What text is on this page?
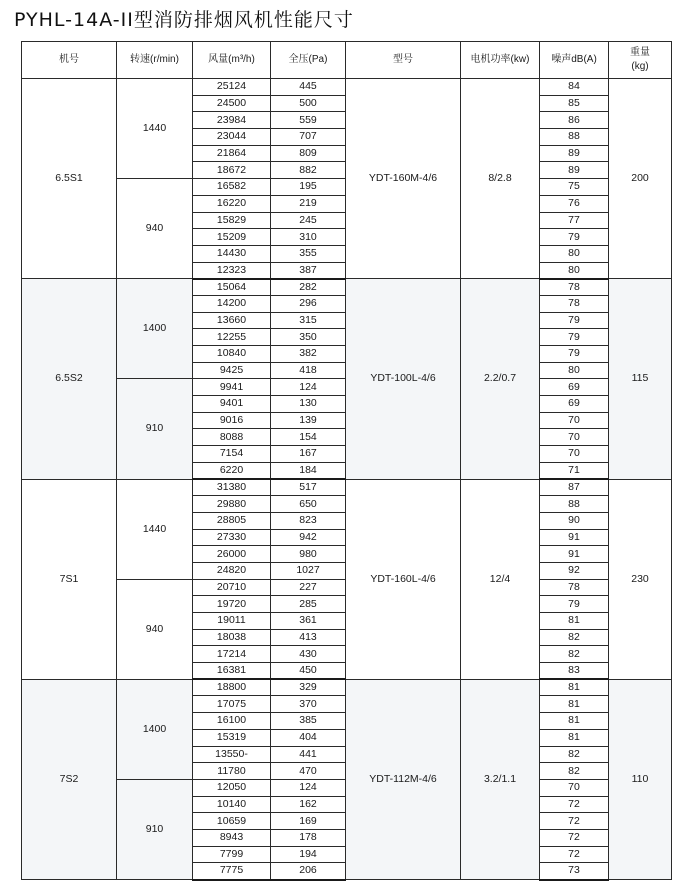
PYHL-14A-II型消防排烟风机性能尺寸
机号	转速(r/min)	风量(m³/h)	全压(Pa)	型号	电机功率(kw)	噪声dB(A)	重量
(kg)
6.5S1	1440	25124	445	YDT-160M-4/6	8/2.8	84	200
		24500	500			85	
		23984	559			86	
		23044	707			88	
		21864	809			89	
		18672	882			89	
	940	16582	195			75	
		16220	219			76	
		15829	245			77	
		15209	310			79	
		14430	355			80	
		12323	387			80	
6.5S2	1400	15064	282	YDT-100L-4/6	2.2/0.7	78	115
		14200	296			78	
		13660	315			79	
		12255	350			79	
		10840	382			79	
		9425	418			80	
	910	9941	124			69	
		9401	130			69	
		9016	139			70	
		8088	154			70	
		7154	167			70	
		6220	184			71	
7S1	1440	31380	517	YDT-160L-4/6	12/4	87	230
		29880	650			88	
		28805	823			90	
		27330	942			91	
		26000	980			91	
		24820	1027			92	
	940	20710	227			78	
		19720	285			79	
		19011	361			81	
		18038	413			82	
		17214	430			82	
		16381	450			83	
7S2	1400	18800	329	YDT-112M-4/6	3.2/1.1	81	110
		17075	370			81	
		16100	385			81	
		15319	404			81	
		13550-	441			82	
		11780	470			82	
	910	12050	124			70	
		10140	162			72	
		10659	169			72	
		8943	178			72	
		7799	194			72	
		7775	206			73	
